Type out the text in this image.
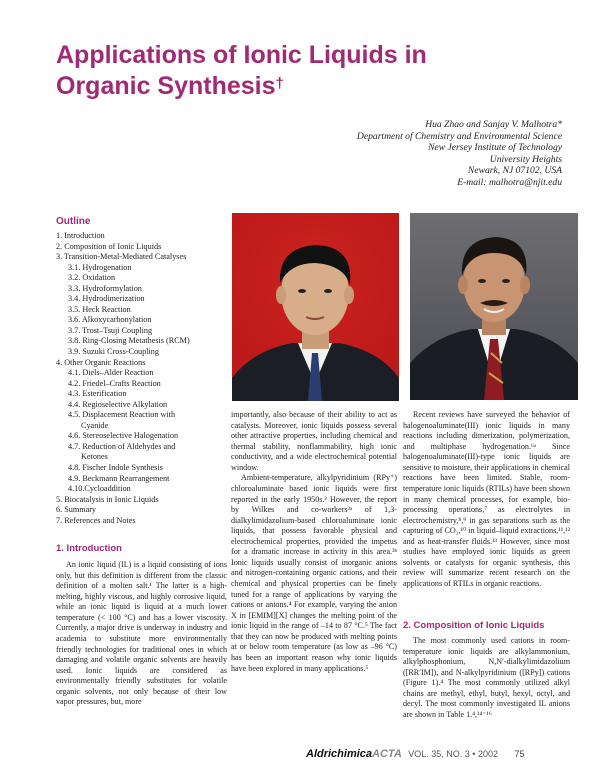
Applications of Ionic Liquids in Organic Synthesis†
Hua Zhao and Sanjay V. Malhotra*
Department of Chemistry and Environmental Science
New Jersey Institute of Technology
University Heights
Newark, NJ 07102, USA
E-mail: malhotra@njit.edu
Outline
1. Introduction
2. Composition of Ionic Liquids
3. Transition-Metal-Mediated Catalyses
3.1. Hydrogenation
3.2. Oxidation
3.3. Hydroformylation
3.4. Hydrodimerization
3.5. Heck Reaction
3.6. Alkoxycarbonylation
3.7. Trost–Tsuji Coupling
3.8. Ring-Closing Metathesis (RCM)
3.9. Suzuki Cross-Coupling
4. Other Organic Reactions
4.1. Diels–Alder Reaction
4.2. Friedel–Crafts Reaction
4.3. Esterification
4.4. Regioselective Alkylation
4.5. Displacement Reaction with
Cyanide
4.6. Stereoselective Halogenation
4.7. Reduction of Aldehydes and
Ketones
4.8. Fischer Indole Synthesis
4.9. Beckmann Rearrangement
4.10.Cycloaddition
5. Biocatalysis in Ionic Liquids
6. Summary
7. References and Notes
1. Introduction

An ionic liquid (IL) is a liquid consisting of ions only, but this definition is different from the classic definition of a molten salt.¹ The latter is a high-melting, highly viscous, and highly corrosive liquid, while an ionic liquid is liquid at a much lower temperature (< 100 °C) and has a lower viscosity. Currently, a major drive is underway in industry and academia to substitute more environmentally friendly technologies for traditional ones in which damaging and volatile organic solvents are heavily used. Ionic liquids are considered as environmentally friendly substitutes for volatile organic solvents, not only because of their low vapor pressures, but, more

importantly, also because of their ability to act as catalysts. Moreover, ionic liquids possess several other attractive properties, including chemical and thermal stability, nonflammability, high ionic conductivity, and a wide electrochemical potential window.

Ambient-temperature, alkylpyridinium (RPy⁺) chloroaluminate based ionic liquids were first reported in the early 1950s.² However, the report by Wilkes and co-workers³ᵃ of 1,3-dialkylimidazolium-based chloroaluminate ionic liquids, that possess favorable physical and electrochemical properties, provided the impetus for a dramatic increase in activity in this area.³ᵇ Ionic liquids usually consist of inorganic anions and nitrogen-containing organic cations, and their chemical and physical properties can be finely tuned for a range of applications by varying the cations or anions.⁴ For example, varying the anion X in [EMIM][X] changes the melting point of the ionic liquid in the range of –14 to 87 °C.⁵ The fact that they can now be produced with melting points at or below room temperature (as low as –96 °C) has been an important reason why ionic liquids have been explored in many applications.⁵

Recent reviews have surveyed the behavior of halogenoaluminate(III) ionic liquids in many reactions including dimerization, polymerization, and multiphase hydrogenation.⁶ᵃ Since halogenoaluminate(III)-type ionic liquids are sensitive to moisture, their applications in chemical reactions have been limited. Stable, room-temperature ionic liquids (RTILs) have been shown in many chemical processes, for example, bio-processing operations,⁷ as electrolytes in electrochemistry,⁸,⁹ in gas separations such as the capturing of CO₂,¹⁰ in liquid–liquid extractions,¹¹,¹² and as heat-transfer fluids.¹³ However, since most studies have employed ionic liquids as green solvents or catalysts for organic synthesis, this review will summarize recent research on the applications of RTILs in organic reactions.

2. Composition of Ionic Liquids

The most commonly used cations in room-temperature ionic liquids are alkylammonium, alkylphosphonium, N,N′-dialkylimidazolium ([RR′IM]), and N-alkylpyridinium ([RPy]) cations (Figure 1).⁴ The most commonly utilized alkyl chains are methyl, ethyl, butyl, hexyl, octyl, and decyl. The most commonly investigated IL anions are shown in Table 1.⁴,¹⁴⁻¹⁶

AldrichimicaACTA VOL. 35, NO. 3 • 2002 75
